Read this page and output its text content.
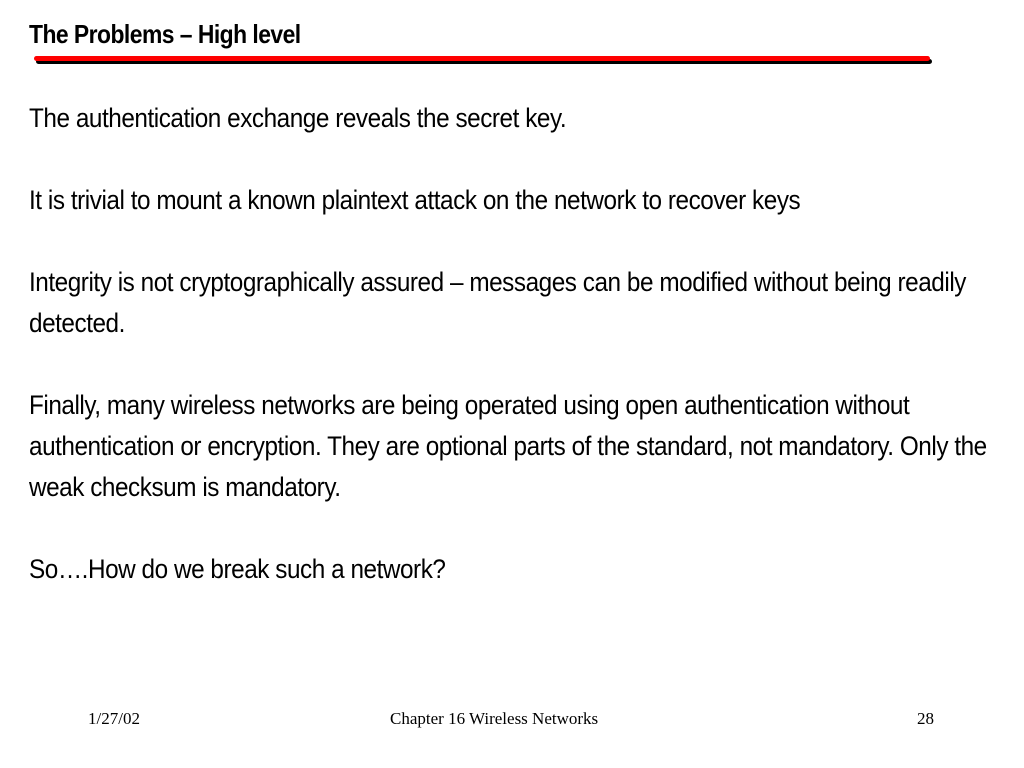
The Problems – High level

The authentication exchange reveals the secret key.

It is trivial to mount a known plaintext attack on the network to recover keys

Integrity is not cryptographically assured – messages can be modified without being readily detected.

Finally, many wireless networks are being operated using open authentication without authentication or encryption. They are optional parts of the standard, not mandatory. Only the weak checksum is mandatory.

So….How do we break such a network?

1/27/02	Chapter 16 Wireless Networks	28
